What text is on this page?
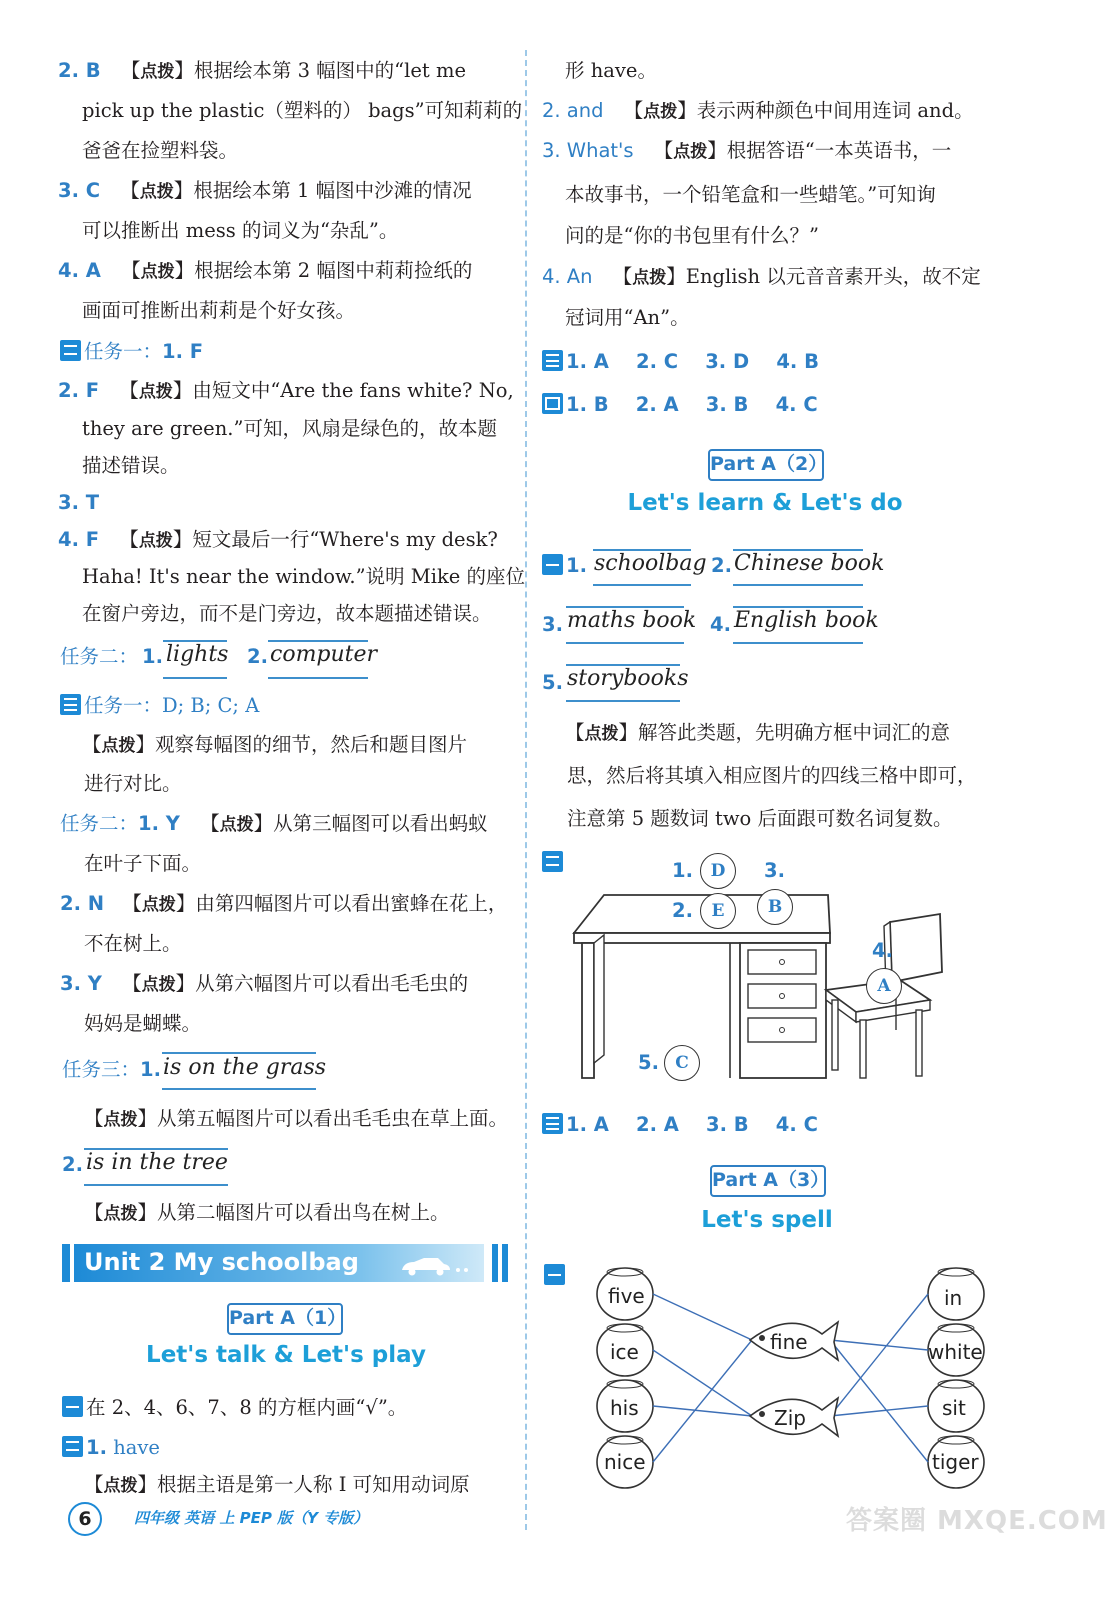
2. B 【点拨】根据绘本第 3 幅图中的“let me
pick up the plastic（塑料的） bags”可知莉莉的
爸爸在捡塑料袋。
3. C 【点拨】根据绘本第 1 幅图中沙滩的情况
可以推断出 mess 的词义为“杂乱”。
4. A 【点拨】根据绘本第 2 幅图中莉莉捡纸的
画面可推断出莉莉是个好女孩。
任务一：1. F
2. F 【点拨】由短文中“Are the fans white? No,
they are green.”可知，风扇是绿色的，故本题
描述错误。
3. T
4. F 【点拨】短文最后一行“Where's my desk?
Haha! It's near the window.”说明 Mike 的座位
在窗户旁边，而不是门旁边，故本题描述错误。
任务二： 1. lights 2. computer
任务一：D; B; C; A
【点拨】观察每幅图的细节，然后和题目图片
进行对比。
任务二：1. Y 【点拨】从第三幅图可以看出蚂蚁
在叶子下面。
2. N 【点拨】由第四幅图片可以看出蜜蜂在花上，
不在树上。
3. Y 【点拨】从第六幅图片可以看出毛毛虫的
妈妈是蝴蝶。
任务三： 1. is on the grass
【点拨】从第五幅图片可以看出毛毛虫在草上面。
2. is in the tree
【点拨】从第二幅图片可以看出鸟在树上。
Unit 2 My schoolbag
Part A（1）
Let's talk & Let's play
在 2、4、6、7、8 的方框内画“√”。
1. have
【点拨】根据主语是第一人称 I 可知用动词原
6	四年级 英语 上 PEP 版（Y 专版）
形 have。
2. and 【点拨】表示两种颜色中间用连词 and。
3. What's 【点拨】根据答语“一本英语书，一
本故事书，一个铅笔盒和一些蜡笔。”可知询
问的是“你的书包里有什么？”
4. An 【点拨】English 以元音音素开头，故不定
冠词用“An”。
1. A    2. C    3. D    4. B
1. B    2. A    3. B    4. C
Part A（2）
Let's learn & Let's do
1. schoolbag 2. Chinese book
3. maths book 4. English book
5. storybooks
【点拨】解答此类题，先明确方框中词汇的意
思，然后将其填入相应图片的四线三格中即可，
注意第 5 题数词 two 后面跟可数名词复数。
1.	D	3.
B
2.	E
4.
A
5. C
1. A    2. A    3. B    4. C
Part A（3）
Let's spell
five
ice
his
nice
fine
Zip
in
white
sit
tiger
答案圈 MXQE.COM
